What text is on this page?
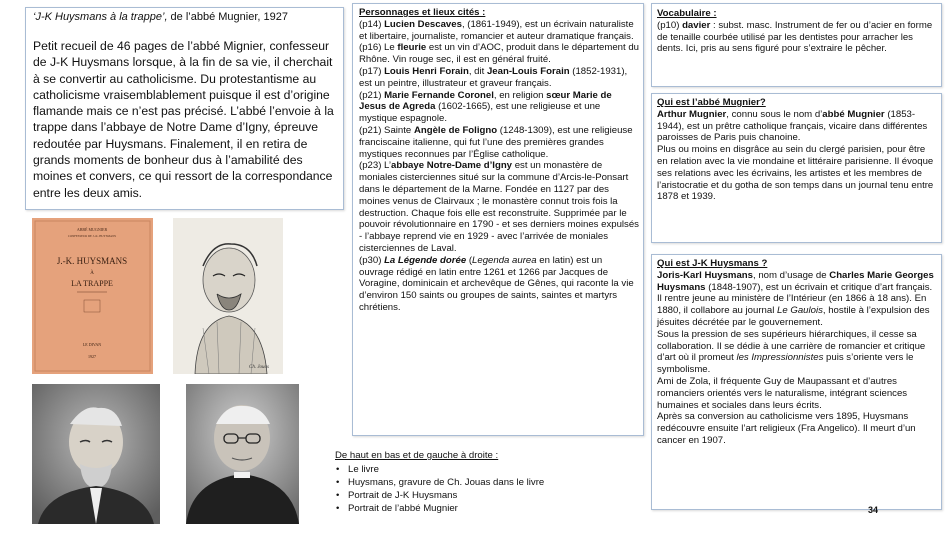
‘J-K Huysmans à la trappe’, de l’abbé Mugnier, 1927

Petit recueil de 46 pages de l’abbé Mignier, confesseur de J-K Huysmans lorsque, à la fin de sa vie, il cherchait à se convertir au catholicisme. Du protestantisme au catholicisme vraisemblablement puisque il est d’origine flamande mais ce n’est pas précisé. L’abbé l’envoie à la trappe dans l’abbaye de Notre Dame d’Igny, épreuve redoutée par Huysmans. Finalement, il en retira de grands moments de bonheur dus à l’amabilité des moines et convers, ce qui ressort de la correspondance entre les deux amis.

ABBÉ MUGNIER
CONFESSEUR DE J.-K. HUYSMANS
J.-K. HUYSMANS
À
LA TRAPPE
LE DIVAN
1927
Ch. Jouas
Personnages et lieux cités :

(p14) Lucien Descaves, (1861-1949), est un écrivain naturaliste et libertaire, journaliste, romancier et auteur dramatique français.

(p16) Le fleurie est un vin d’AOC, produit dans le département du Rhône. Vin rouge sec, il est en général fruité.

(p17) Louis Henri Forain, dit Jean-Louis Forain (1852-1931), est un peintre, illustrateur et graveur français.

(p21) Marie Fernande Coronel, en religion sœur Marie de Jesus de Agreda (1602-1665), est une religieuse et une mystique espagnole.

(p21) Sainte Angèle de Foligno (1248-1309), est une religieuse franciscaine italienne, qui fut l’une des premières grandes mystiques reconnues par l’Église catholique.

(p23) L’abbaye Notre-Dame d’Igny est un monastère de moniales cisterciennes situé sur la commune d’Arcis-le-Ponsart dans le département de la Marne. Fondée en 1127 par des moines venus de Clairvaux ; le monastère connut trois fois la destruction. Chaque fois elle est reconstruite. Supprimée par le pouvoir révolutionnaire en 1790 - et ses derniers moines expulsés - l’abbaye reprend vie en 1929 - avec l’arrivée de moniales cisterciennes de Laval.

(p30) La Légende dorée (Legenda aurea en latin) est un ouvrage rédigé en latin entre 1261 et 1266 par Jacques de Voragine, dominicain et archevêque de Gênes, qui raconte la vie d’environ 150 saints ou groupes de saints, saintes et martyrs chrétiens.

Vocabulaire :

(p10) davier : subst. masc. Instrument de fer ou d’acier en forme de tenaille courbée utilisé par les dentistes pour arracher les dents. Ici, pris au sens figuré pour s’extraire le pêcher.

Qui est l’abbé Mugnier?

Arthur Mugnier, connu sous le nom d’abbé Mugnier (1853-1944), est un prêtre catholique français, vicaire dans différentes paroisses de Paris puis chanoine.

Plus ou moins en disgrâce au sein du clergé parisien, pour être en relation avec la vie mondaine et littéraire parisienne. Il évoque ses relations avec les écrivains, les artistes et les membres de l’aristocratie et du gotha de son temps dans un journal tenu entre 1878 et 1939.

Qui est J-K Huysmans ?

Joris-Karl Huysmans, nom d’usage de Charles Marie Georges Huysmans (1848-1907), est un écrivain et critique d’art français.

Il rentre jeune au ministère de l’Intérieur (en 1866 à 18 ans). En 1880, il collabore au journal Le Gaulois, hostile à l’expulsion des jésuites décrétée par le gouvernement.

Sous la pression de ses supérieurs hiérarchiques, il cesse sa collaboration. Il se dédie à une carrière de romancier et critique d’art où il promeut les Impressionnistes puis s’oriente vers le symbolisme.

Ami de Zola, il fréquente Guy de Maupassant et d’autres romanciers orientés vers le naturalisme, intégrant sciences humaines et sociales dans leurs écrits.

Après sa conversion au catholicisme vers 1895, Huysmans redécouvre ensuite l’art religieux (Fra Angelico). Il meurt d’un cancer en 1907.

De haut en bas et de gauche à droite :
• Le livre
• Huysmans, gravure de Ch. Jouas dans le livre
• Portrait de J-K Huysmans
• Portrait de l’abbé Mugnier	34
